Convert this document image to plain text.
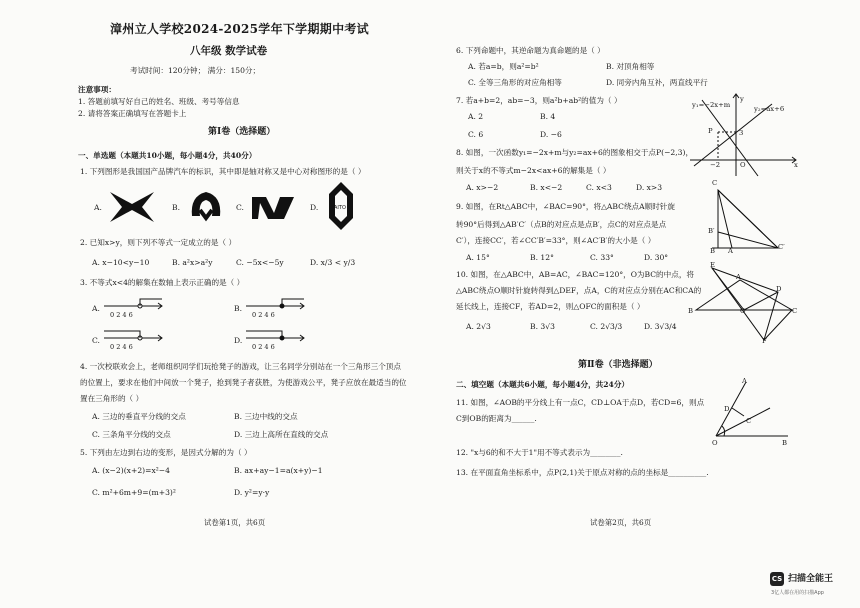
漳州立人学校2024-2025学年下学期期中考试
八年级 数学试卷
考试时间：120分钟； 满分：150分；
注意事项：
1. 答题前填写好自己的姓名、班级、考号等信息
2. 请将答案正确填写在答题卡上
第Ⅰ卷（选择题）
一、单选题（本题共10小题，每小题4分，共40分）
1. 下列图形是我国国产品牌汽车的标识，其中即是轴对称又是中心对称图形的是（ ）
A.	B.	C.	D.	AITO
2. 已知x>y，则下列不等式一定成立的是（ ）
A. x−10<y−10	B. a²x>a²y	C. −5x<−5y	D. x/3 < y/3
3. 不等式x<4的解集在数轴上表示正确的是（ ）
A.
0 2 4 6
B.
0 2 4 6
C.
0 2 4 6
D.
0 2 4 6
4. 一次校联欢会上，老师组织同学们玩抢凳子的游戏，让三名同学分别站在一个三角形三个顶点
的位置上，要求在他们中间放一个凳子，抢到凳子者获胜，为使游戏公平，凳子应放在最适当的位
置在三角形的（ ）
A. 三边的垂直平分线的交点	B. 三边中线的交点
C. 三条角平分线的交点	D. 三边上高所在直线的交点
5. 下列由左边到右边的变形，是因式分解的为（ ）
A. (x−2)(x+2)=x²−4	B. ax+ay−1=a(x+y)−1
C. m²+6m+9=(m+3)²	D. y²=y·y
试卷第1页，共6页
6. 下列命题中，其逆命题为真命题的是（ ）
A. 若a=b，则a²=b²	B. 对顶角相等
C. 全等三角形的对应角相等	D. 同旁内角互补，两直线平行
7. 若a+b=2，ab=−3，则a²b+ab²的值为（ ）
A. 2	B. 4
C. 6	D. −6
y₁=−2x+m	y₂=ax+6
y
P	3
−2	O	x
8. 如图，一次函数y₁=−2x+m与y₂=ax+6的图象相交于点P(−2,3)，
则关于x的不等式m−2x<ax+6的解集是（ ）
A. x>−2	B. x<−2	C. x<3	D. x>3	C
B′
A
B	C′
9. 如图，在Rt△ABC中，∠BAC=90°，将△ABC绕点A顺时针旋
转90°后得到△AB′C′（点B的对应点是点B′，点C的对应点是点
C′），连接CC′，若∠CC′B′=33°，则∠AC′B′的大小是（ ）
A. 15°	B. 12°	C. 33°	D. 30°
E
A
D
B	O	C
F
10. 如图，在△ABC中，AB=AC，∠BAC=120°，O为BC的中点，将
△ABC绕点O顺时针旋转得到△DEF，点A，C的对应点分别在AC和CA的
延长线上，连接CF，若AD=2，则△OFC的面积是（ ）
A. 2√3	B. 3√3	C. 2√3/3	D. 3√3/4
第Ⅱ卷（非选择题）
二、填空题（本题共6小题，每小题4分，共24分）	A
D
C
O	B
11. 如图，∠AOB的平分线上有一点C，CD⊥OA于点D，若CD=6，则点
C到OB的距离为______.
12. "x与6的和不大于1"用不等式表示为________.
13. 在平面直角坐标系中，点P(2,1)关于原点对称的点的坐标是__________.
试卷第2页，共6页
CS 扫描全能王
3亿人都在用的扫描App
